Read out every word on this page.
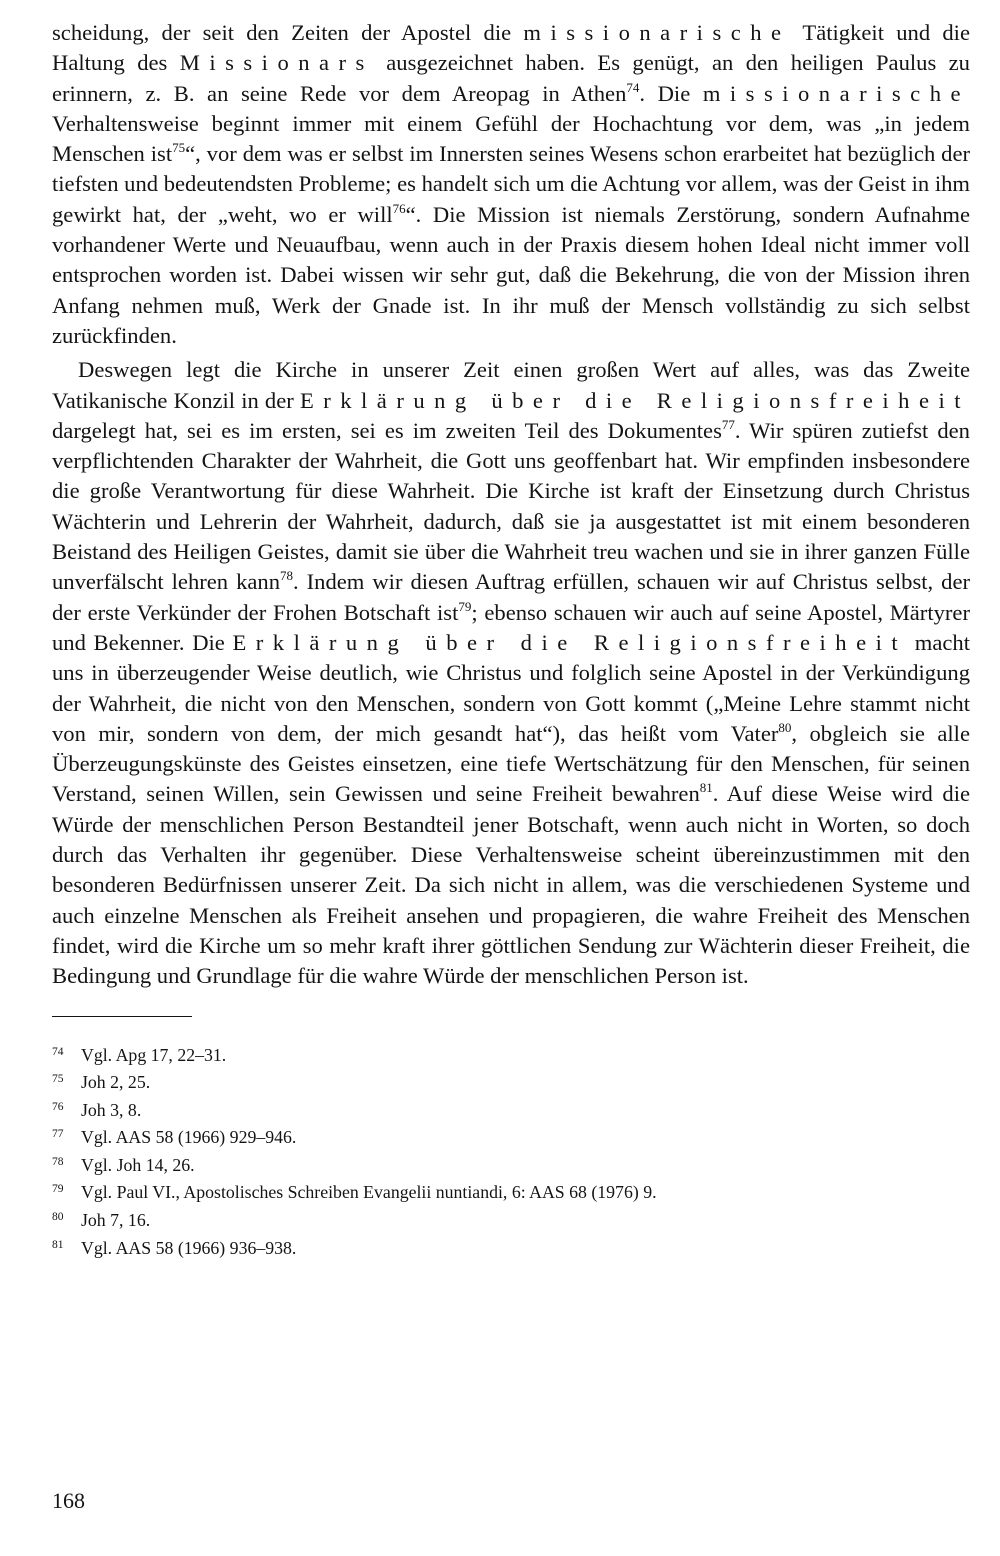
scheidung, der seit den Zeiten der Apostel die missionarische Tätigkeit und die Haltung des Missionars ausgezeichnet haben. Es genügt, an den heiligen Paulus zu erinnern, z. B. an seine Rede vor dem Areopag in Athen$^{74}$. Die missionarische Verhaltensweise beginnt immer mit einem Gefühl der Hochachtung vor dem, was „in jedem Menschen ist$^{75}$“, vor dem was er selbst im Innersten seines Wesens schon erarbeitet hat bezüglich der tiefsten und bedeutendsten Probleme; es handelt sich um die Achtung vor allem, was der Geist in ihm gewirkt hat, der „weht, wo er will$^{76}$“. Die Mission ist niemals Zerstörung, sondern Aufnahme vorhandener Werte und Neuaufbau, wenn auch in der Praxis diesem hohen Ideal nicht immer voll entsprochen worden ist. Dabei wissen wir sehr gut, daß die Bekehrung, die von der Mission ihren Anfang nehmen muß, Werk der Gnade ist. In ihr muß der Mensch vollständig zu sich selbst zurückfinden.

Deswegen legt die Kirche in unserer Zeit einen großen Wert auf alles, was das Zweite Vatikanische Konzil in der Erklärung über die Religionsfreiheit dargelegt hat, sei es im ersten, sei es im zweiten Teil des Dokumentes$^{77}$. Wir spüren zutiefst den verpflichtenden Charakter der Wahrheit, die Gott uns geoffenbart hat. Wir empfinden insbesondere die große Verantwortung für diese Wahrheit. Die Kirche ist kraft der Einsetzung durch Christus Wächterin und Lehrerin der Wahrheit, dadurch, daß sie ja ausgestattet ist mit einem besonderen Beistand des Heiligen Geistes, damit sie über die Wahrheit treu wachen und sie in ihrer ganzen Fülle unverfälscht lehren kann$^{78}$. Indem wir diesen Auftrag erfüllen, schauen wir auf Christus selbst, der der erste Verkünder der Frohen Botschaft ist$^{79}$; ebenso schauen wir auch auf seine Apostel, Märtyrer und Bekenner. Die Erklärung über die Religionsfreiheit macht uns in überzeugender Weise deutlich, wie Christus und folglich seine Apostel in der Verkündigung der Wahrheit, die nicht von den Menschen, sondern von Gott kommt („Meine Lehre stammt nicht von mir, sondern von dem, der mich gesandt hat“), das heißt vom Vater$^{80}$, obgleich sie alle Überzeugungskünste des Geistes einsetzen, eine tiefe Wertschätzung für den Menschen, für seinen Verstand, seinen Willen, sein Gewissen und seine Freiheit bewahren$^{81}$. Auf diese Weise wird die Würde der menschlichen Person Bestandteil jener Botschaft, wenn auch nicht in Worten, so doch durch das Verhalten ihr gegenüber. Diese Verhaltensweise scheint übereinzustimmen mit den besonderen Bedürfnissen unserer Zeit. Da sich nicht in allem, was die verschiedenen Systeme und auch einzelne Menschen als Freiheit ansehen und propagieren, die wahre Freiheit des Menschen findet, wird die Kirche um so mehr kraft ihrer göttlichen Sendung zur Wächterin dieser Freiheit, die Bedingung und Grundlage für die wahre Würde der menschlichen Person ist.

74 Vgl. Apg 17, 22–31.
75 Joh 2, 25.
76 Joh 3, 8.
77 Vgl. AAS 58 (1966) 929–946.
78 Vgl. Joh 14, 26.
79 Vgl. Paul VI., Apostolisches Schreiben Evangelii nuntiandi, 6: AAS 68 (1976) 9.
80 Joh 7, 16.
81 Vgl. AAS 58 (1966) 936–938.
168
